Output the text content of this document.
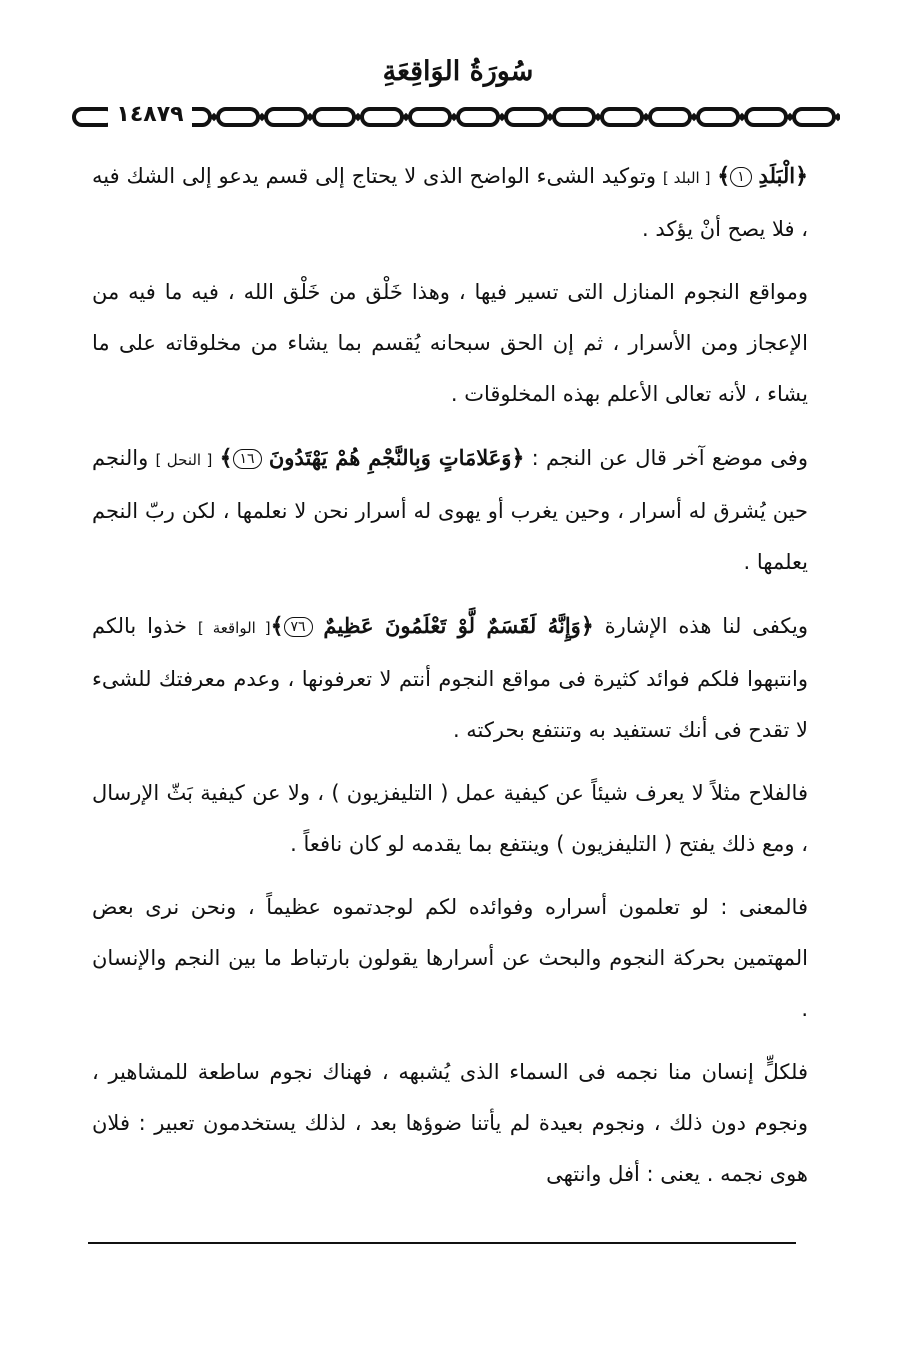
سُورَةُ الوَاقِعَةِ
١٤٨٧٩

﴿الْبَلَدِ ١﴾ [ البلد ] وتوكيد الشىء الواضح الذى لا يحتاج إلى قسم يدعو إلى الشك فيه ، فلا يصح أنْ يؤكد .

ومواقع النجوم المنازل التى تسير فيها ، وهذا خَلْق من خَلْق الله ، فيه ما فيه من الإعجاز ومن الأسرار ، ثم إن الحق سبحانه يُقسم بما يشاء من مخلوقاته على ما يشاء ، لأنه تعالى الأعلم بهذه المخلوقات .

وفى موضع آخر قال عن النجم : ﴿وَعَلامَاتٍ وَبِالنَّجْمِ هُمْ يَهْتَدُونَ ١٦﴾ [ النحل ] والنجم حين يُشرق له أسرار ، وحين يغرب أو يهوى له أسرار نحن لا نعلمها ، لكن ربّ النجم يعلمها .

ويكفى لنا هذه الإشارة ﴿وَإِنَّهُ لَقَسَمٌ لَّوْ تَعْلَمُونَ عَظِيمٌ ٧٦﴾[ الواقعة ] خذوا بالكم وانتبهوا فلكم فوائد كثيرة فى مواقع النجوم أنتم لا تعرفونها ، وعدم معرفتك للشىء لا تقدح فى أنك تستفيد به وتنتفع بحركته .

فالفلاح مثلاً لا يعرف شيئاً عن كيفية عمل ( التليفزيون ) ، ولا عن كيفية بَثّ الإرسال ، ومع ذلك يفتح ( التليفزيون ) وينتفع بما يقدمه لو كان نافعاً .

فالمعنى : لو تعلمون أسراره وفوائده لكم لوجدتموه عظيماً ، ونحن نرى بعض المهتمين بحركة النجوم والبحث عن أسرارها يقولون بارتباط ما بين النجم والإنسان .

فلكلٍّ إنسان منا نجمه فى السماء الذى يُشبهه ، فهناك نجوم ساطعة للمشاهير ، ونجوم دون ذلك ، ونجوم بعيدة لم يأتنا ضوؤها بعد ، لذلك يستخدمون تعبير : فلان هوى نجمه . يعنى : أفل وانتهى
